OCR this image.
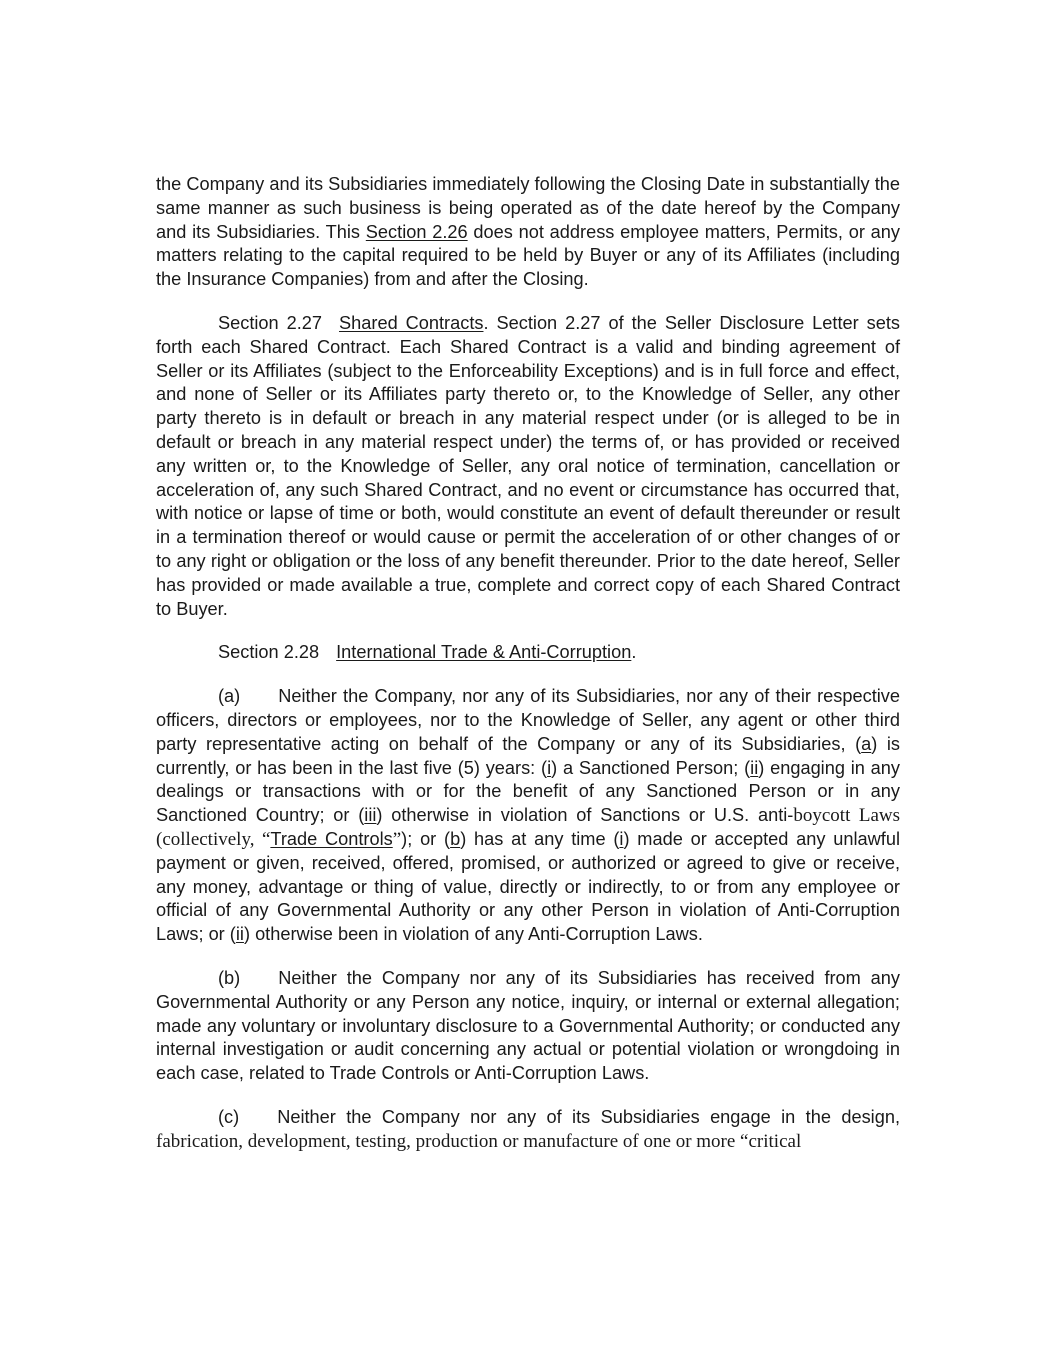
the Company and its Subsidiaries immediately following the Closing Date in substantially the same manner as such business is being operated as of the date hereof by the Company and its Subsidiaries. This Section 2.26 does not address employee matters, Permits, or any matters relating to the capital required to be held by Buyer or any of its Affiliates (including the Insurance Companies) from and after the Closing.

Section 2.27 Shared Contracts. Section 2.27 of the Seller Disclosure Letter sets forth each Shared Contract. Each Shared Contract is a valid and binding agreement of Seller or its Affiliates (subject to the Enforceability Exceptions) and is in full force and effect, and none of Seller or its Affiliates party thereto or, to the Knowledge of Seller, any other party thereto is in default or breach in any material respect under (or is alleged to be in default or breach in any material respect under) the terms of, or has provided or received any written or, to the Knowledge of Seller, any oral notice of termination, cancellation or acceleration of, any such Shared Contract, and no event or circumstance has occurred that, with notice or lapse of time or both, would constitute an event of default thereunder or result in a termination thereof or would cause or permit the acceleration of or other changes of or to any right or obligation or the loss of any benefit thereunder. Prior to the date hereof, Seller has provided or made available a true, complete and correct copy of each Shared Contract to Buyer.

Section 2.28 International Trade & Anti-Corruption.

(a) Neither the Company, nor any of its Subsidiaries, nor any of their respective officers, directors or employees, nor to the Knowledge of Seller, any agent or other third party representative acting on behalf of the Company or any of its Subsidiaries, (a) is currently, or has been in the last five (5) years: (i) a Sanctioned Person; (ii) engaging in any dealings or transactions with or for the benefit of any Sanctioned Person or in any Sanctioned Country; or (iii) otherwise in violation of Sanctions or U.S. anti-boycott Laws (collectively, “Trade Controls”); or (b) has at any time (i) made or accepted any unlawful payment or given, received, offered, promised, or authorized or agreed to give or receive, any money, advantage or thing of value, directly or indirectly, to or from any employee or official of any Governmental Authority or any other Person in violation of Anti-Corruption Laws; or (ii) otherwise been in violation of any Anti-Corruption Laws.

(b) Neither the Company nor any of its Subsidiaries has received from any Governmental Authority or any Person any notice, inquiry, or internal or external allegation; made any voluntary or involuntary disclosure to a Governmental Authority; or conducted any internal investigation or audit concerning any actual or potential violation or wrongdoing in each case, related to Trade Controls or Anti-Corruption Laws.

(c) Neither the Company nor any of its Subsidiaries engage in the design, fabrication, development, testing, production or manufacture of one or more “critical
